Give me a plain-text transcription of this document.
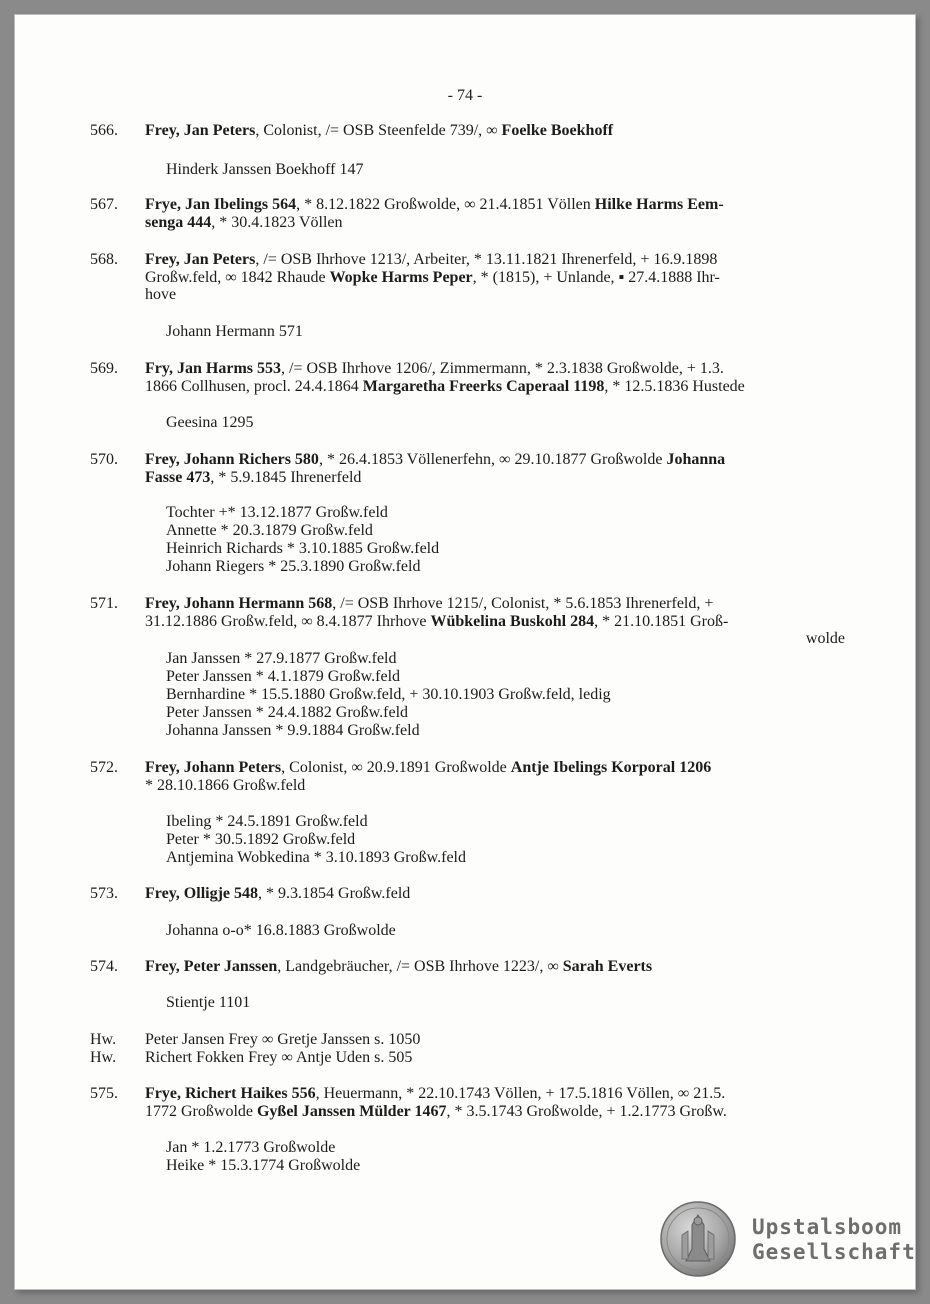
- 74 -
566. Frey, Jan Peters, Colonist, /= OSB Steenfelde 739/, ∞ Foelke Boekhoff
Hinderk Janssen Boekhoff 147
567. Frye, Jan Ibelings 564, * 8.12.1822 Großwolde, ∞ 21.4.1851 Völlen Hilke Harms Eem-
senga 444, * 30.4.1823 Völlen
568. Frey, Jan Peters, /= OSB Ihrhove 1213/, Arbeiter, * 13.11.1821 Ihrenerfeld, + 16.9.1898
Großw.feld, ∞ 1842 Rhaude Wopke Harms Peper, * (1815), + Unlande, ▪ 27.4.1888 Ihr-
hove
Johann Hermann 571
569. Fry, Jan Harms 553, /= OSB Ihrhove 1206/, Zimmermann, * 2.3.1838 Großwolde, + 1.3.
1866 Collhusen, procl. 24.4.1864 Margaretha Freerks Caperaal 1198, * 12.5.1836 Hustede
Geesina 1295
570. Frey, Johann Richers 580, * 26.4.1853 Völlenerfehn, ∞ 29.10.1877 Großwolde Johanna
Fasse 473, * 5.9.1845 Ihrenerfeld
Tochter +* 13.12.1877 Großw.feld
Annette * 20.3.1879 Großw.feld
Heinrich Richards * 3.10.1885 Großw.feld
Johann Riegers * 25.3.1890 Großw.feld
571. Frey, Johann Hermann 568, /= OSB Ihrhove 1215/, Colonist, * 5.6.1853 Ihrenerfeld, +
31.12.1886 Großw.feld, ∞ 8.4.1877 Ihrhove Wübkelina Buskohl 284, * 21.10.1851 Groß-
wolde
Jan Janssen * 27.9.1877 Großw.feld
Peter Janssen * 4.1.1879 Großw.feld
Bernhardine * 15.5.1880 Großw.feld, + 30.10.1903 Großw.feld, ledig
Peter Janssen * 24.4.1882 Großw.feld
Johanna Janssen * 9.9.1884 Großw.feld
572. Frey, Johann Peters, Colonist, ∞ 20.9.1891 Großwolde Antje Ibelings Korporal 1206
* 28.10.1866 Großw.feld
Ibeling * 24.5.1891 Großw.feld
Peter * 30.5.1892 Großw.feld
Antjemina Wobkedina * 3.10.1893 Großw.feld
573. Frey, Olligje 548, * 9.3.1854 Großw.feld
Johanna o-o* 16.8.1883 Großwolde
574. Frey, Peter Janssen, Landgebräucher, /= OSB Ihrhove 1223/, ∞ Sarah Everts
Stientje 1101
Hw. Peter Jansen Frey ∞ Gretje Janssen s. 1050
Hw. Richert Fokken Frey ∞ Antje Uden s. 505
575. Frye, Richert Haikes 556, Heuermann, * 22.10.1743 Völlen, + 17.5.1816 Völlen, ∞ 21.5.
1772 Großwolde Gyßel Janssen Mülder 1467, * 3.5.1743 Großwolde, + 1.2.1773 Großw.
Jan * 1.2.1773 Großwolde
Heike * 15.3.1774 Großwolde
Upstalsboom
Gesellschaft
